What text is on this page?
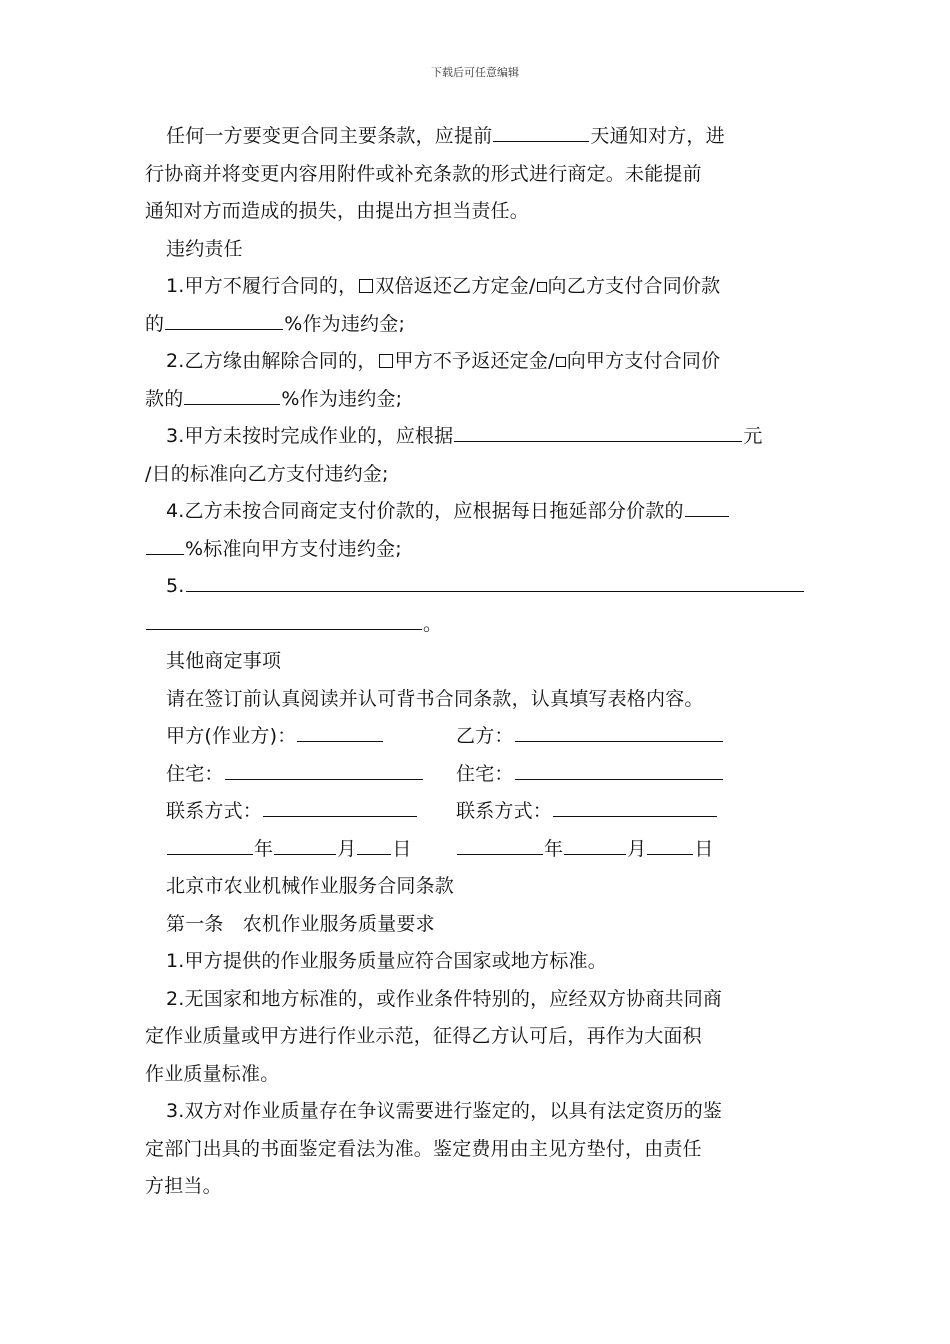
下载后可任意编辑

任何一方要变更合同主要条款，应提前	天通知对方，进

行协商并将变更内容用附件或补充条款的形式进行商定。未能提前

通知对方而造成的损失，由提出方担当责任。

违约责任

1.甲方不履行合同的， 双倍返还乙方定金/ 向乙方支付合同价款

的	%作为违约金;

2.乙方缘由解除合同的， 甲方不予返还定金/ 向甲方支付合同价

款的	%作为违约金;

3.甲方未按时完成作业的，应根据	元

/日的标准向乙方支付违约金;

4.乙方未按合同商定支付价款的，应根据每日拖延部分价款的

%标准向甲方支付违约金;

5.

。

其他商定事项

请在签订前认真阅读并认可背书合同条款，认真填写表格内容。

甲方(作业方)：	乙方：
住宅：	住宅：
联系方式：	联系方式：
年	月 日	年	月	日

北京市农业机械作业服务合同条款

第一条　农机作业服务质量要求

1.甲方提供的作业服务质量应符合国家或地方标准。

2.无国家和地方标准的，或作业条件特别的，应经双方协商共同商

定作业质量或甲方进行作业示范，征得乙方认可后，再作为大面积

作业质量标准。

3.双方对作业质量存在争议需要进行鉴定的，以具有法定资历的鉴

定部门出具的书面鉴定看法为准。鉴定费用由主见方垫付，由责任

方担当。
